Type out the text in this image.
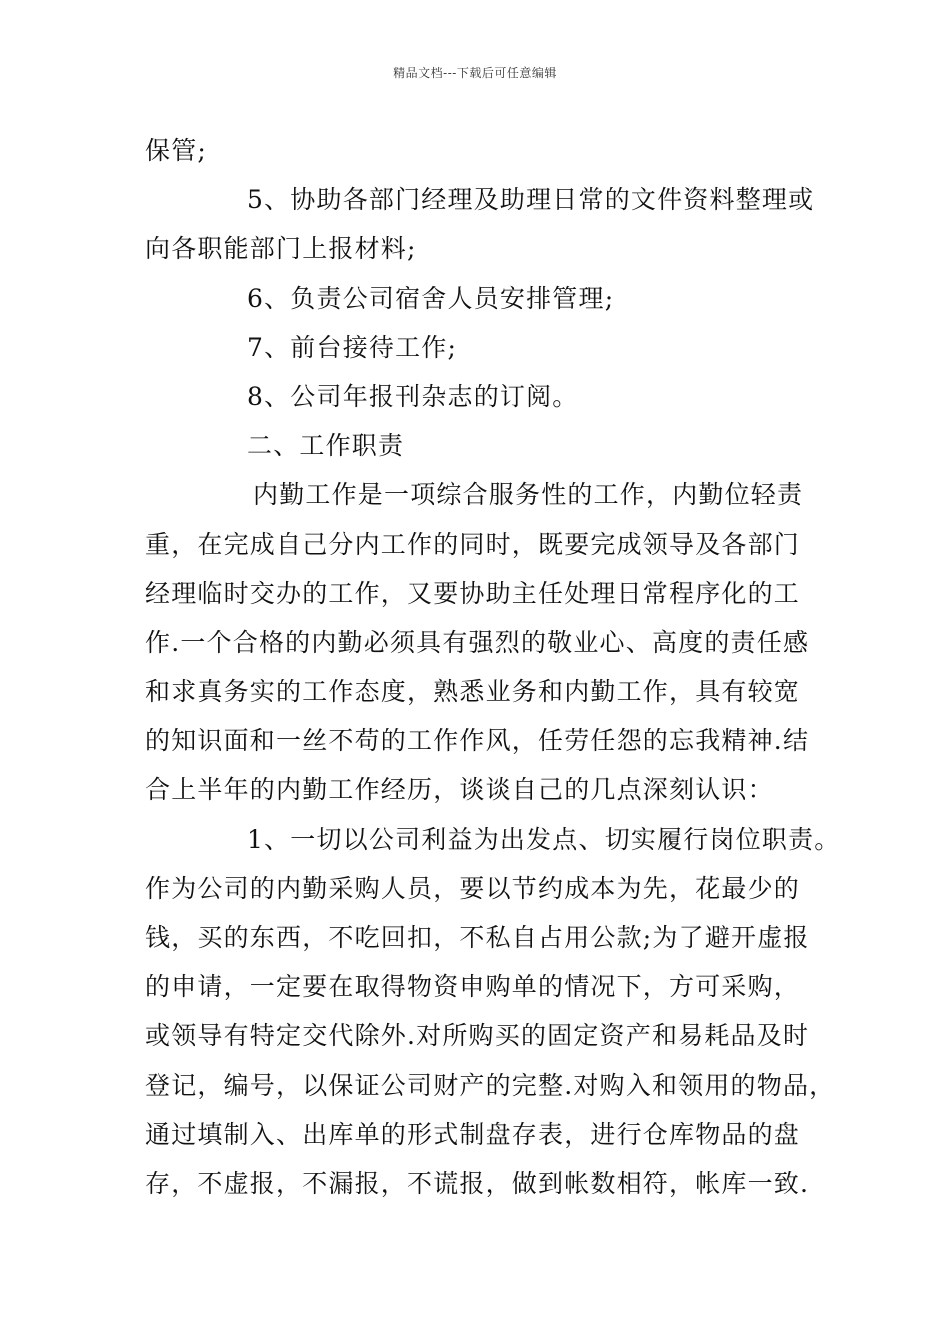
精品文档---下载后可任意编辑
保管;
5、协助各部门经理及助理日常的文件资料整理或
向各职能部门上报材料;
6、负责公司宿舍人员安排管理;
7、前台接待工作;
8、公司年报刊杂志的订阅。
二、工作职责
内勤工作是一项综合服务性的工作，内勤位轻责
重，在完成自己分内工作的同时，既要完成领导及各部门
经理临时交办的工作，又要协助主任处理日常程序化的工
作.一个合格的内勤必须具有强烈的敬业心、高度的责任感
和求真务实的工作态度，熟悉业务和内勤工作，具有较宽
的知识面和一丝不苟的工作作风，任劳任怨的忘我精神.结
合上半年的内勤工作经历，谈谈自己的几点深刻认识：
1、一切以公司利益为出发点、切实履行岗位职责。
作为公司的内勤采购人员，要以节约成本为先，花最少的
钱，买的东西，不吃回扣，不私自占用公款;为了避开虚报
的申请，一定要在取得物资申购单的情况下，方可采购，
或领导有特定交代除外.对所购买的固定资产和易耗品及时
登记，编号，以保证公司财产的完整.对购入和领用的物品，
通过填制入、出库单的形式制盘存表，进行仓库物品的盘
存，不虚报，不漏报，不谎报，做到帐数相符，帐库一致.
